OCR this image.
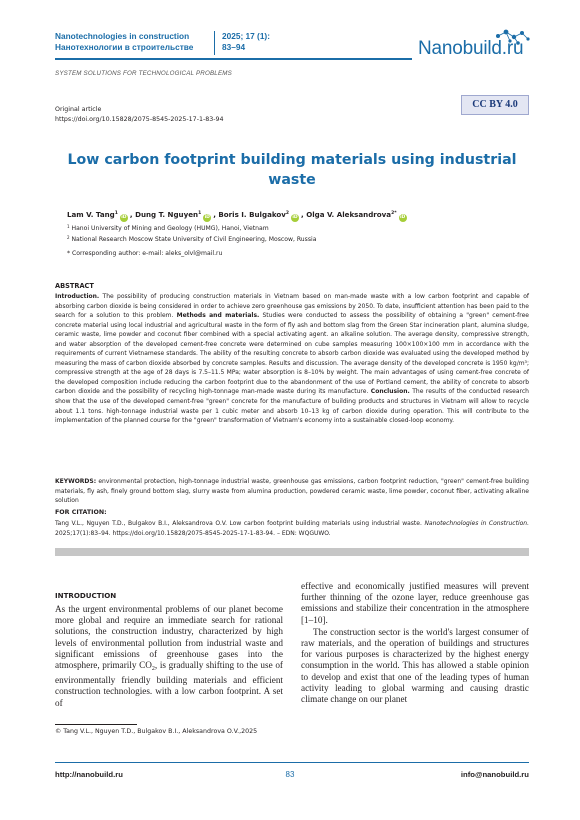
Nanotechnologies in construction
Нанотехнологии в строительстве
2025; 17 (1):
83–94	Nanobuild.ru
SYSTEM SOLUTIONS FOR TECHNOLOGICAL PROBLEMS
CC BY 4.0
Original article
https://doi.org/10.15828/2075-8545-2025-17-1-83-94
Low carbon footprint building materials using industrial waste
Lam V. Tang$^1$iD , Dung T. Nguyen$^1$iD , Boris I. Bulgakov$^2$iD , Olga V. Aleksandrova$^{2*}$iD
$^1$ Hanoi University of Mining and Geology (HUMG), Hanoi, Vietnam
$^2$ National Research Moscow State University of Civil Engineering, Moscow, Russia
* Corresponding author: e-mail: aleks_olvl@mail.ru
ABSTRACT
Introduction. The possibility of producing construction materials in Vietnam based on man-made waste with a low carbon footprint and capable of absorbing carbon dioxide is being considered in order to achieve zero greenhouse gas emissions by 2050. To date, insufficient attention has been paid to the search for a solution to this problem. Methods and materials. Studies were conducted to assess the possibility of obtaining a "green" cement-free concrete material using local industrial and agricultural waste in the form of fly ash and bottom slag from the Green Star incineration plant, alumina sludge, ceramic waste, lime powder and coconut fiber combined with a special activating agent. an alkaline solution. The average density, compressive strength, and water absorption of the developed cement-free concrete were determined on cube samples measuring 100×100×100 mm in accordance with the requirements of current Vietnamese standards. The ability of the resulting concrete to absorb carbon dioxide was evaluated using the developed method by measuring the mass of carbon dioxide absorbed by concrete samples. Results and discussion. The average density of the developed concrete is 1950 kg/m³; compressive strength at the age of 28 days is 7.5–11.5 MPa; water absorption is 8–10% by weight. The main advantages of using cement-free concrete of the developed composition include reducing the carbon footprint due to the abandonment of the use of Portland cement, the ability of concrete to absorb carbon dioxide and the possibility of recycling high-tonnage man-made waste during its manufacture. Conclusion. The results of the conducted research show that the use of the developed cement-free "green" concrete for the manufacture of building products and structures in Vietnam will allow to recycle about 1.1 tons. high-tonnage industrial waste per 1 cubic meter and absorb 10–13 kg of carbon dioxide during operation. This will contribute to the implementation of the planned course for the "green" transformation of Vietnam's economy into a sustainable closed-loop economy.
KEYWORDS: environmental protection, high-tonnage industrial waste, greenhouse gas emissions, carbon footprint reduction, "green" cement-free building materials, fly ash, finely ground bottom slag, slurry waste from alumina production, powdered ceramic waste, lime powder, coconut fiber, activating alkaline solution
FOR CITATION:
Tang V.L., Nguyen T.D., Bulgakov B.I., Aleksandrova O.V. Low carbon footprint building materials using industrial waste. Nanotechnologies in Construction. 2025;17(1):83–94. https://doi.org/10.15828/2075-8545-2025-17-1-83-94. – EDN: WQGUWO.
INTRODUCTION
As the urgent environmental problems of our planet become more global and require an immediate search for rational solutions, the construction industry, characterized by high levels of environmental pollution from industrial waste and significant emissions of greenhouse gases into the atmosphere, primarily $CO_2$, is gradually shifting to the use of environmentally friendly building materials and efficient construction technologies. with a low carbon footprint. A set of

effective and economically justified measures will prevent further thinning of the ozone layer, reduce greenhouse gas emissions and stabilize their concentration in the atmosphere [1–10].

The construction sector is the world's largest consumer of raw materials, and the operation of buildings and structures for various purposes is characterized by the highest energy consumption in the world. This has allowed a stable opinion to develop and exist that one of the leading types of human activity leading to global warming and causing drastic climate change on our planet

© Tang V.L., Nguyen T.D., Bulgakov B.I., Aleksandrova O.V.,2025
http://nanobuild.ru	83	info@nanobuild.ru
